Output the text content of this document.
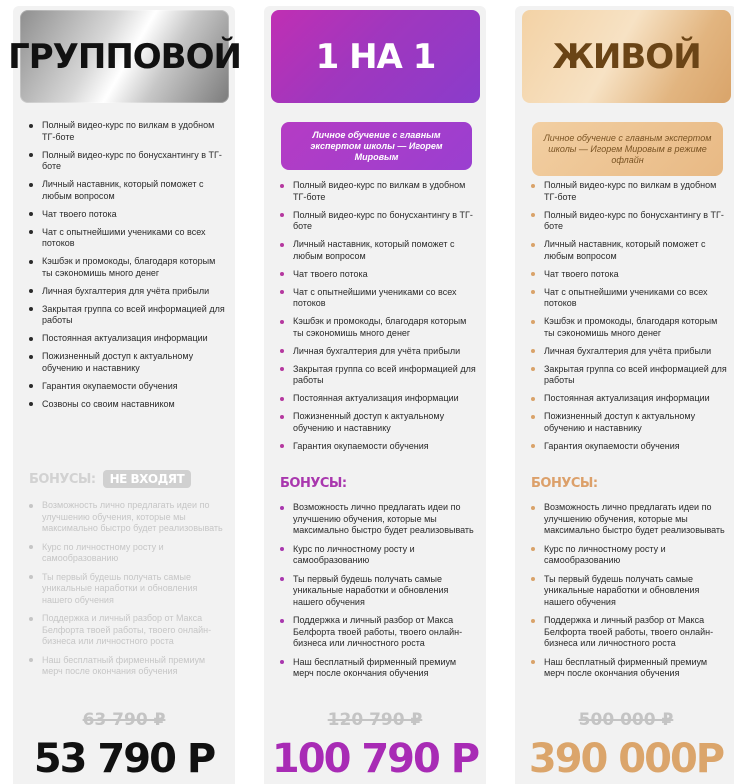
ГРУППОВОЙ
Полный видео-курс по вилкам в удобном ТГ-боте
Полный видео-курс по бонусхантингу в ТГ-боте
Личный наставник, который поможет с любым вопросом
Чат твоего потока
Чат с опытнейшими учениками со всех потоков
Кэшбэк и промокоды, благодаря которым ты сэкономишь много денег
Личная бухгалтерия для учёта прибыли
Закрытая группа со всей информацией для работы
Постоянная актуализация информации
Пожизненный доступ к актуальному обучению и наставнику
Гарантия окупаемости обучения
Созвоны со своим наставником
БОНУСЫ:	НЕ ВХОДЯТ
Возможность лично предлагать идеи по улучшению обучения, которые мы максимально быстро будет реализовывать
Курс по личностному росту и самообразованию
Ты первый будешь получать самые уникальные наработки и обновления нашего обучения
Поддержка и личный разбор от Макса Белфорта твоей работы, твоего онлайн-бизнеса или личностного роста
Наш бесплатный фирменный премиум мерч после окончания обучения
63 790 ₽
53 790 Р
1 НА 1
Личное обучение с главным экспертом школы — Игорем Мировым
Полный видео-курс по вилкам в удобном ТГ-боте
Полный видео-курс по бонусхантингу в ТГ-боте
Личный наставник, который поможет с любым вопросом
Чат твоего потока
Чат с опытнейшими учениками со всех потоков
Кэшбэк и промокоды, благодаря которым ты сэкономишь много денег
Личная бухгалтерия для учёта прибыли
Закрытая группа со всей информацией для работы
Постоянная актуализация информации
Пожизненный доступ к актуальному обучению и наставнику
Гарантия окупаемости обучения
БОНУСЫ:
Возможность лично предлагать идеи по улучшению обучения, которые мы максимально быстро будет реализовывать
Курс по личностному росту и самообразованию
Ты первый будешь получать самые уникальные наработки и обновления нашего обучения
Поддержка и личный разбор от Макса Белфорта твоей работы, твоего онлайн-бизнеса или личностного роста
Наш бесплатный фирменный премиум мерч после окончания обучения
120 790 ₽
100 790 Р
ЖИВОЙ
Личное обучение с главным экспертом школы — Игорем Мировым в режиме офлайн
Полный видео-курс по вилкам в удобном ТГ-боте
Полный видео-курс по бонусхантингу в ТГ-боте
Личный наставник, который поможет с любым вопросом
Чат твоего потока
Чат с опытнейшими учениками со всех потоков
Кэшбэк и промокоды, благодаря которым ты сэкономишь много денег
Личная бухгалтерия для учёта прибыли
Закрытая группа со всей информацией для работы
Постоянная актуализация информации
Пожизненный доступ к актуальному обучению и наставнику
Гарантия окупаемости обучения
БОНУСЫ:
Возможность лично предлагать идеи по улучшению обучения, которые мы максимально быстро будет реализовывать
Курс по личностному росту и самообразованию
Ты первый будешь получать самые уникальные наработки и обновления нашего обучения
Поддержка и личный разбор от Макса Белфорта твоей работы, твоего онлайн-бизнеса или личностного роста
Наш бесплатный фирменный премиум мерч после окончания обучения
500 000 ₽
390 000Р
